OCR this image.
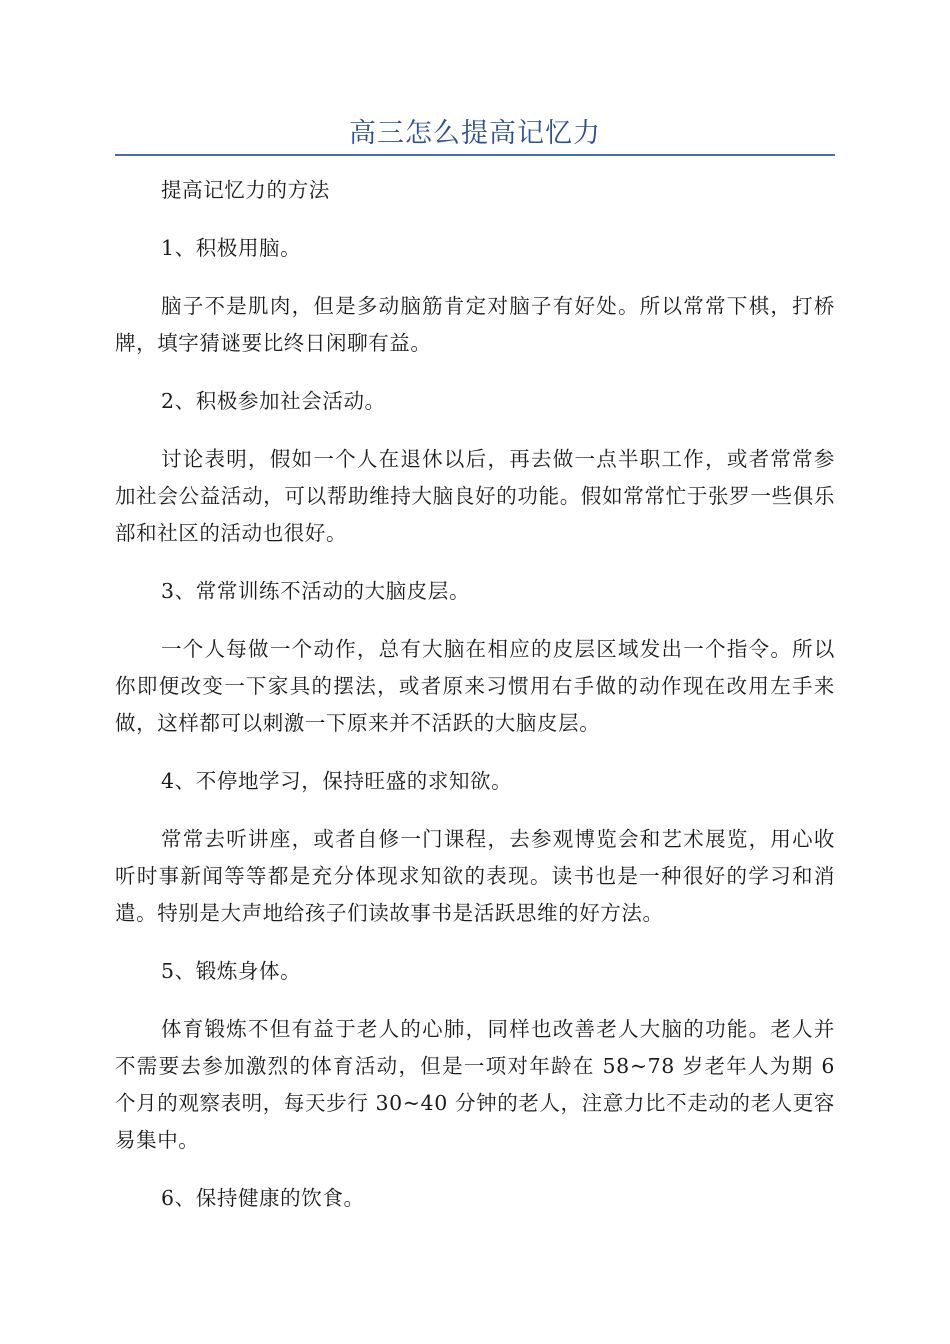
高三怎么提高记忆力

提高记忆力的方法

1、积极用脑。

脑子不是肌肉，但是多动脑筋肯定对脑子有好处。所以常常下棋，打桥牌，填字猜谜要比终日闲聊有益。

2、积极参加社会活动。

讨论表明，假如一个人在退休以后，再去做一点半职工作，或者常常参加社会公益活动，可以帮助维持大脑良好的功能。假如常常忙于张罗一些俱乐部和社区的活动也很好。

3、常常训练不活动的大脑皮层。

一个人每做一个动作，总有大脑在相应的皮层区域发出一个指令。所以你即便改变一下家具的摆法，或者原来习惯用右手做的动作现在改用左手来做，这样都可以刺激一下原来并不活跃的大脑皮层。

4、不停地学习，保持旺盛的求知欲。

常常去听讲座，或者自修一门课程，去参观博览会和艺术展览，用心收听时事新闻等等都是充分体现求知欲的表现。读书也是一种很好的学习和消遣。特别是大声地给孩子们读故事书是活跃思维的好方法。

5、锻炼身体。

体育锻炼不但有益于老人的心肺，同样也改善老人大脑的功能。老人并不需要去参加激烈的体育活动，但是一项对年龄在 58~78 岁老年人为期 6 个月的观察表明，每天步行 30~40 分钟的老人，注意力比不走动的老人更容易集中。

6、保持健康的饮食。
